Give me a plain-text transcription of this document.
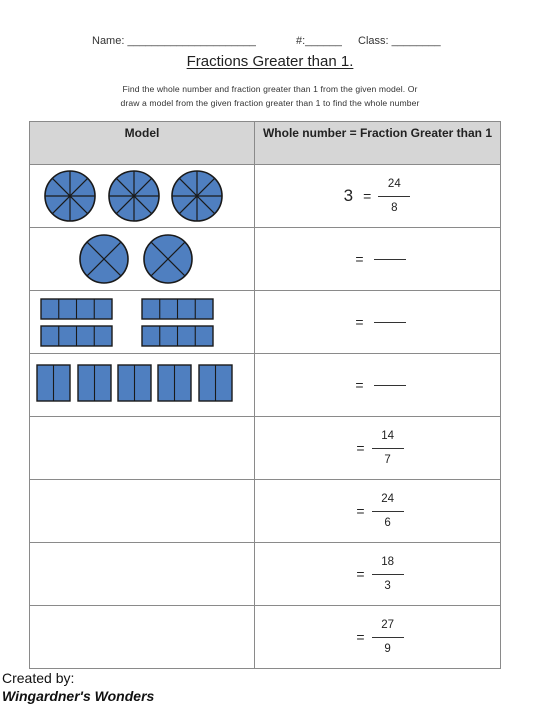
Name: _____________________	#:______ Class: ________
Fractions Greater than 1.
Find the whole number and fraction greater than 1 from the given model. Or
draw a model from the given fraction greater than 1 to find the whole number
Model	Whole number = Fraction Greater than 1

$3 = \frac{24}{8}$

=

=

=

	= $\frac{14}{7}$

	= $\frac{24}{6}$

	= $\frac{18}{3}$

	= $\frac{27}{9}$
Created by:
Wingardner's Wonders
